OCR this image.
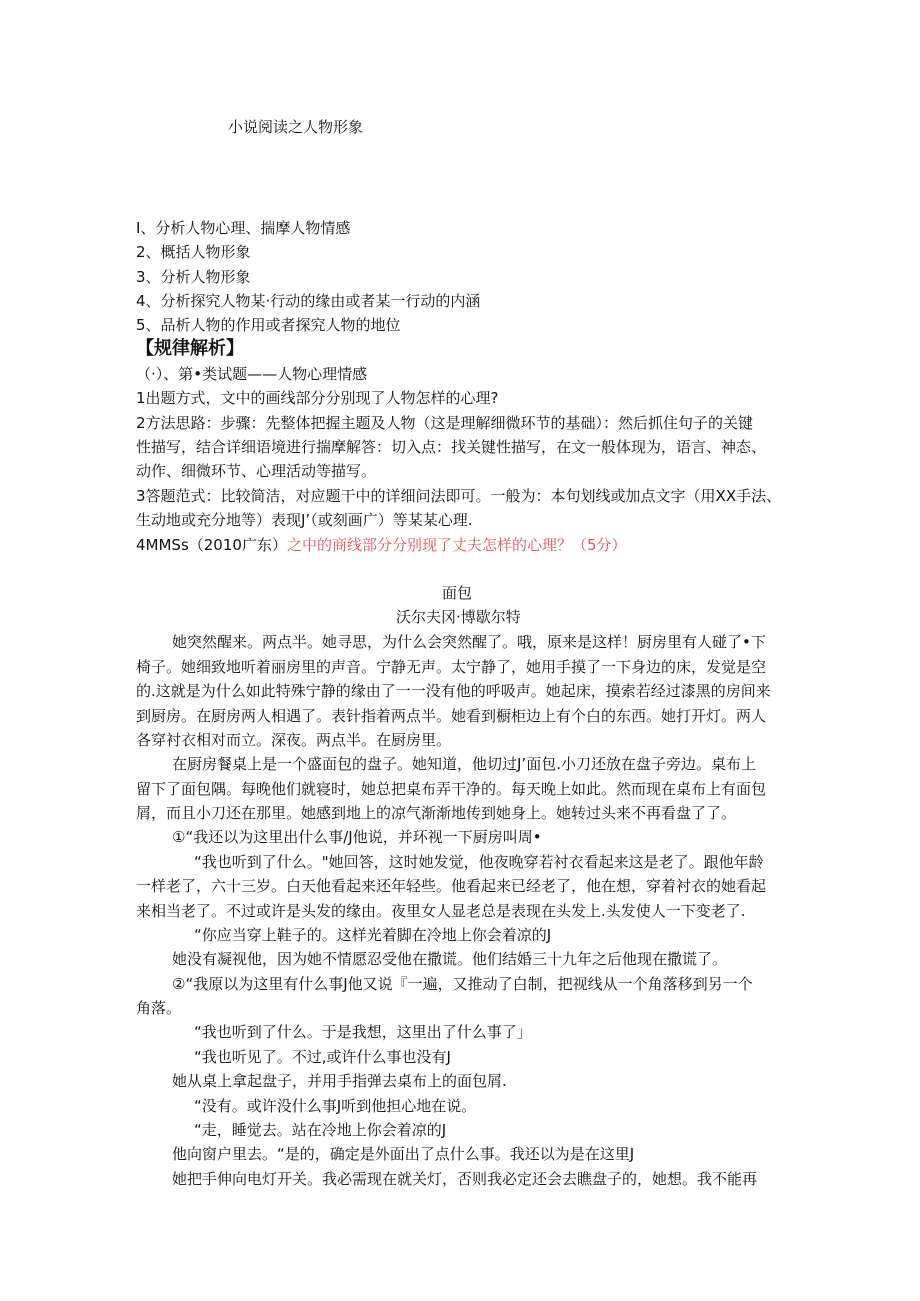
小说阅读之人物形象
I、分析人物心理、揣摩人物情感
2、概括人物形象
3、分析人物形象
4、分析探究人物某·行动的缘由或者某一行动的内涵
5、品析人物的作用或者探究人物的地位
【规律解析】
（·）、第•类试题——人物心理情感
1出题方式，文中的画线部分分别现了人物怎样的心理?
2方法思路：步骤：先整体把握主题及人物（这是理解细微环节的基础）：然后抓住句子的关键
性描写，结合详细语境进行揣摩解答：切入点：找关键性描写，在文一般体现为，语言、神态、
动作、细微环节、心理活动等描写。
3答题范式：比较简洁，对应题干中的详细问法即可。一般为：本句划线或加点文字（用XX手法、
生动地或充分地等）表现J’（或刻画广）等某某心理.
4MMSs（2010广东）之中的商线部分分别现了丈夫怎样的心理？（5分）
面包
沃尔夫冈·博歇尔特
她突然醒来。两点半。她寻思，为什么会突然醒了。哦，原来是这样！厨房里有人碰了•下
椅子。她细致地听着丽房里的声音。宁静无声。太宁静了，她用手摸了一下身边的床，发觉是空
的.这就是为什么如此特殊宁静的缘由了一一没有他的呼吸声。她起床，摸索若经过漆黑的房间来
到厨房。在厨房两人相遇了。表针指着两点半。她看到橱柜边上有个白的东西。她打开灯。两人
各穿衬衣相对而立。深夜。两点半。在厨房里。
在厨房餐桌上是一个盛面包的盘子。她知道，他切过J’面包.小刀还放在盘子旁边。桌布上
留下了面包隅。每晚他们就寝时，她总把桌布弄干净的。每天晚上如此。然而现在桌布上有面包
屑，而且小刀还在那里。她感到地上的凉气渐渐地传到她身上。她转过头来不再看盘了了。
①“我还以为这里出什么事/J他说，并环视一下厨房叫周•
“我也听到了什么。"她回答，这时她发觉，他夜晚穿若衬衣看起来这是老了。跟他年龄
一样老了，六十三岁。白天他看起来还年轻些。他看起来已经老了，他在想，穿着衬衣的她看起
来相当老了。不过或许是头发的缘由。夜里女人显老总是表现在头发上.头发使人一下变老了.
“你应当穿上鞋子的。这样光着脚在冷地上你会着凉的J
她没有凝视他，因为她不情愿忍受他在撒谎。他们结婚三十九年之后他现在撒谎了。
②“我原以为这里有什么事J他又说『一遍，又推动了白制，把视线从一个角落移到另一个
角落。
“我也听到了什么。于是我想，这里出了什么事了」
“我也听见了。不过,或许什么事也没有J
她从桌上拿起盘子，并用手指弹去桌布上的面包屑.
“没有。或许没什么事J听到他担心地在说。
“走，睡觉去。站在冷地上你会着凉的J
他向窗户里去。“是的，确定是外面出了点什么事。我还以为是在这里J
她把手伸向电灯开关。我必需现在就关灯，否则我必定还会去瞧盘子的，她想。我不能再
